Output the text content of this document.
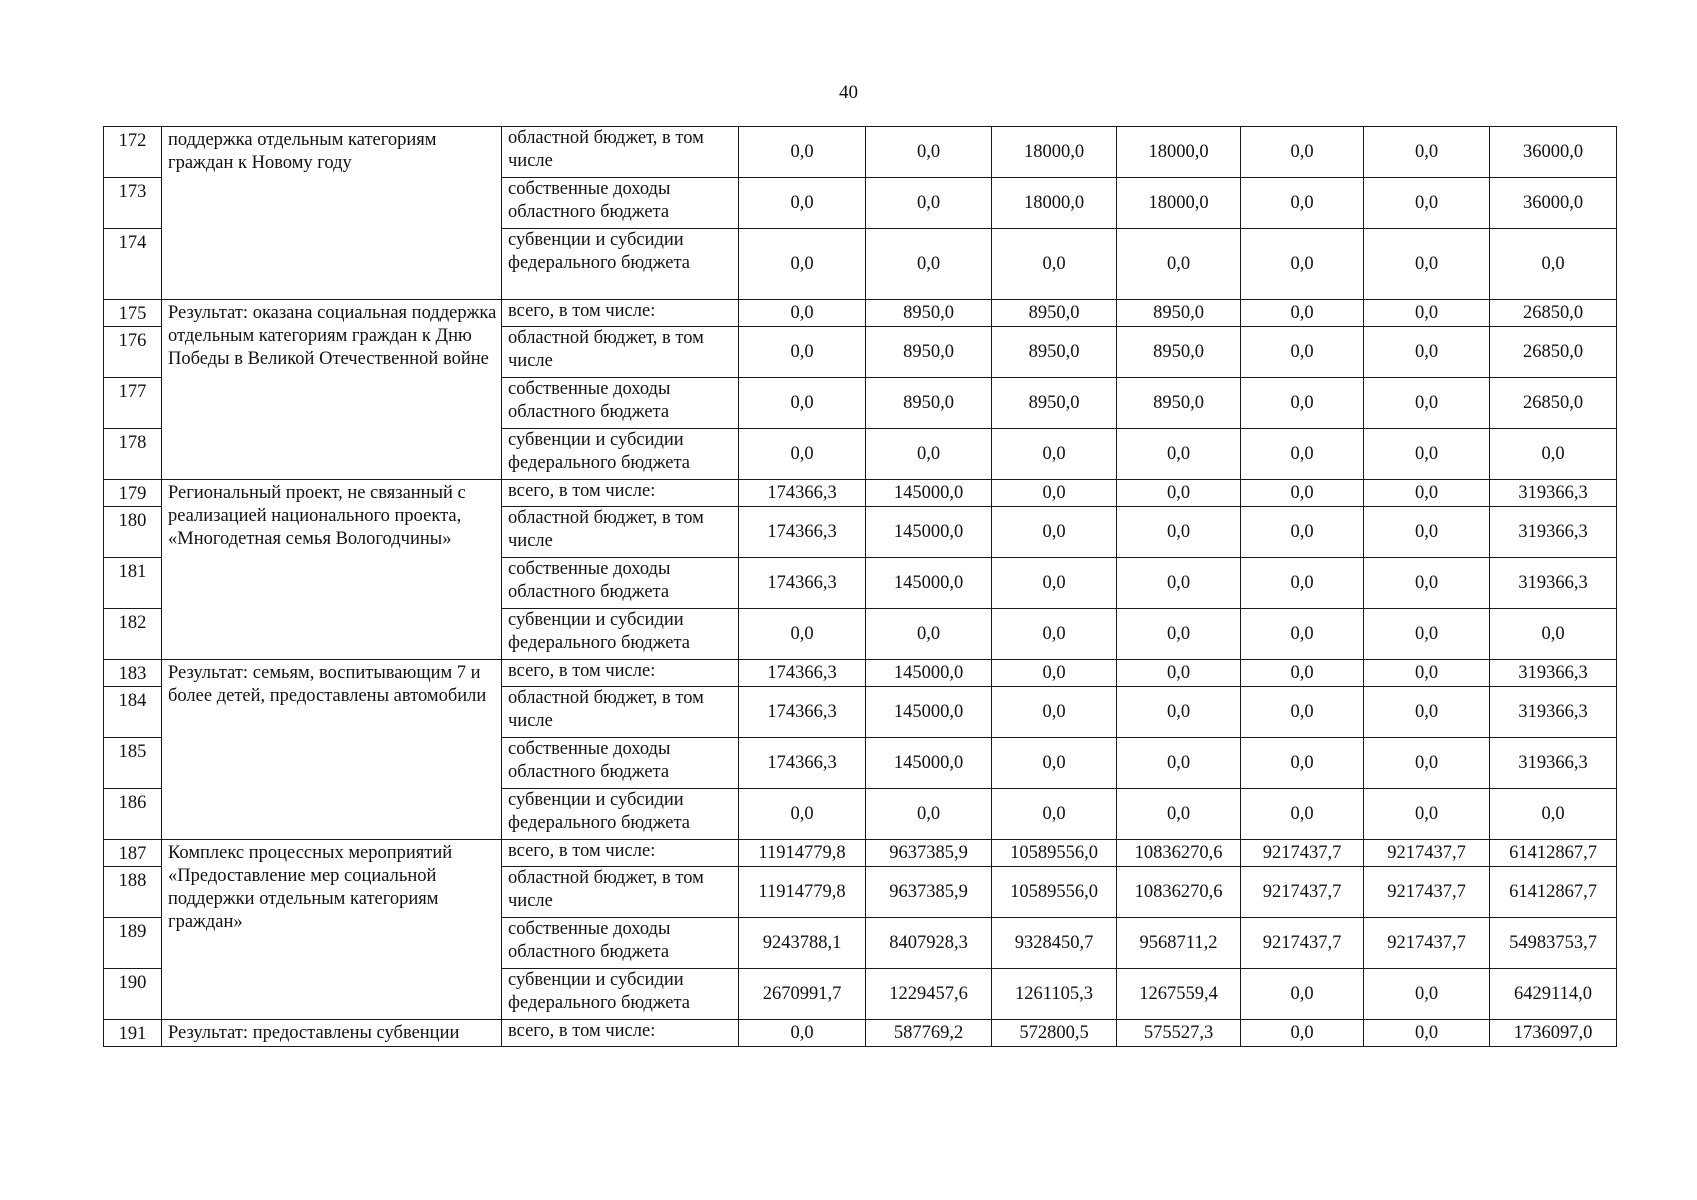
40
172	поддержка отдельным категориям граждан к Новому году	областной бюджет, в том числе	0,0	0,0	18000,0	18000,0	0,0	0,0	36000,0
173		собственные доходы областного бюджета	0,0	0,0	18000,0	18000,0	0,0	0,0	36000,0
174		субвенции и субсидии федерального бюджета	0,0	0,0	0,0	0,0	0,0	0,0	0,0
175	Результат: оказана социальная поддержка отдельным категориям граждан к Дню Победы в Великой Отечественной войне	всего, в том числе:	0,0	8950,0	8950,0	8950,0	0,0	0,0	26850,0
176		областной бюджет, в том числе	0,0	8950,0	8950,0	8950,0	0,0	0,0	26850,0
177		собственные доходы областного бюджета	0,0	8950,0	8950,0	8950,0	0,0	0,0	26850,0
178		субвенции и субсидии федерального бюджета	0,0	0,0	0,0	0,0	0,0	0,0	0,0
179	Региональный проект, не связанный с реализацией национального проекта, «Многодетная семья Вологодчины»	всего, в том числе:	174366,3	145000,0	0,0	0,0	0,0	0,0	319366,3
180		областной бюджет, в том числе	174366,3	145000,0	0,0	0,0	0,0	0,0	319366,3
181		собственные доходы областного бюджета	174366,3	145000,0	0,0	0,0	0,0	0,0	319366,3
182		субвенции и субсидии федерального бюджета	0,0	0,0	0,0	0,0	0,0	0,0	0,0
183	Результат: семьям, воспитывающим 7 и более детей, предоставлены автомобили	всего, в том числе:	174366,3	145000,0	0,0	0,0	0,0	0,0	319366,3
184		областной бюджет, в том числе	174366,3	145000,0	0,0	0,0	0,0	0,0	319366,3
185		собственные доходы областного бюджета	174366,3	145000,0	0,0	0,0	0,0	0,0	319366,3
186		субвенции и субсидии федерального бюджета	0,0	0,0	0,0	0,0	0,0	0,0	0,0
187	Комплекс процессных мероприятий «Предоставление мер социальной поддержки отдельным категориям граждан»	всего, в том числе:	11914779,8	9637385,9	10589556,0	10836270,6	9217437,7	9217437,7	61412867,7
188		областной бюджет, в том числе	11914779,8	9637385,9	10589556,0	10836270,6	9217437,7	9217437,7	61412867,7
189		собственные доходы областного бюджета	9243788,1	8407928,3	9328450,7	9568711,2	9217437,7	9217437,7	54983753,7
190		субвенции и субсидии федерального бюджета	2670991,7	1229457,6	1261105,3	1267559,4	0,0	0,0	6429114,0
191	Результат: предоставлены субвенции	всего, в том числе:	0,0	587769,2	572800,5	575527,3	0,0	0,0	1736097,0
